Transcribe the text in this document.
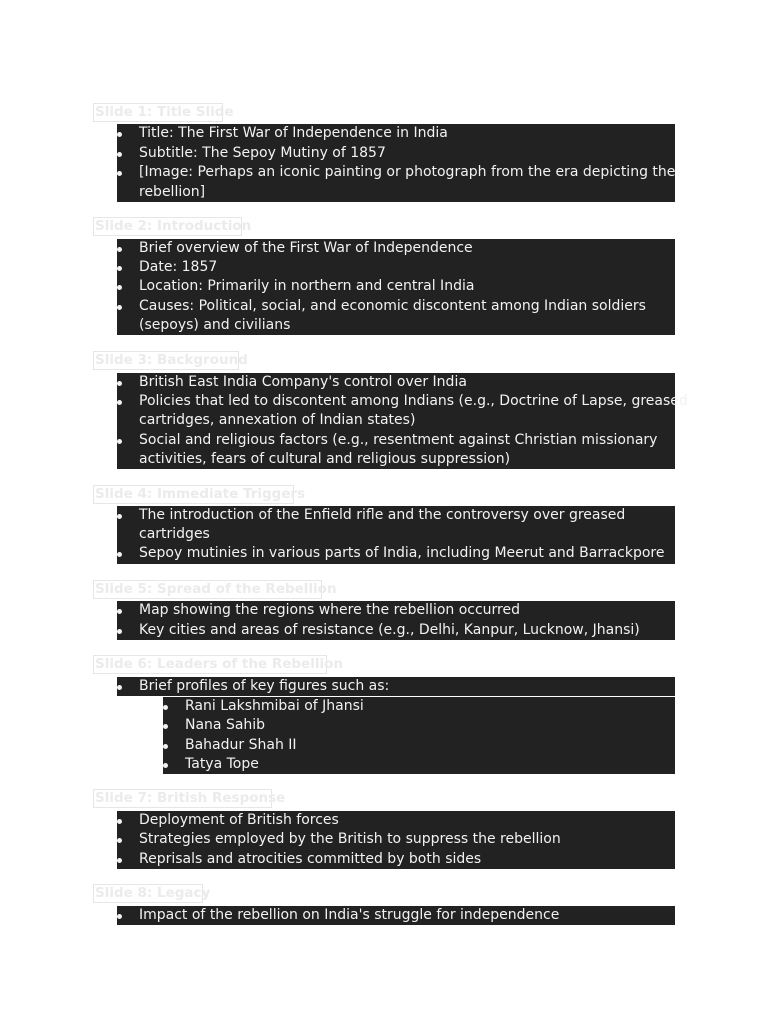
Slide 1: Title Slide
Title: The First War of Independence in India
Subtitle: The Sepoy Mutiny of 1857
[Image: Perhaps an iconic painting or photograph from the era depicting the
rebellion]
Slide 2: Introduction
Brief overview of the First War of Independence
Date: 1857
Location: Primarily in northern and central India
Causes: Political, social, and economic discontent among Indian soldiers
(sepoys) and civilians
Slide 3: Background
British East India Company's control over India
Policies that led to discontent among Indians (e.g., Doctrine of Lapse, greased
cartridges, annexation of Indian states)
Social and religious factors (e.g., resentment against Christian missionary
activities, fears of cultural and religious suppression)
Slide 4: Immediate Triggers
The introduction of the Enfield rifle and the controversy over greased
cartridges
Sepoy mutinies in various parts of India, including Meerut and Barrackpore
Slide 5: Spread of the Rebellion
Map showing the regions where the rebellion occurred
Key cities and areas of resistance (e.g., Delhi, Kanpur, Lucknow, Jhansi)
Slide 6: Leaders of the Rebellion
Brief profiles of key figures such as:
Rani Lakshmibai of Jhansi
Nana Sahib
Bahadur Shah II
Tatya Tope
Slide 7: British Response
Deployment of British forces
Strategies employed by the British to suppress the rebellion
Reprisals and atrocities committed by both sides
Slide 8: Legacy
Impact of the rebellion on India's struggle for independence
